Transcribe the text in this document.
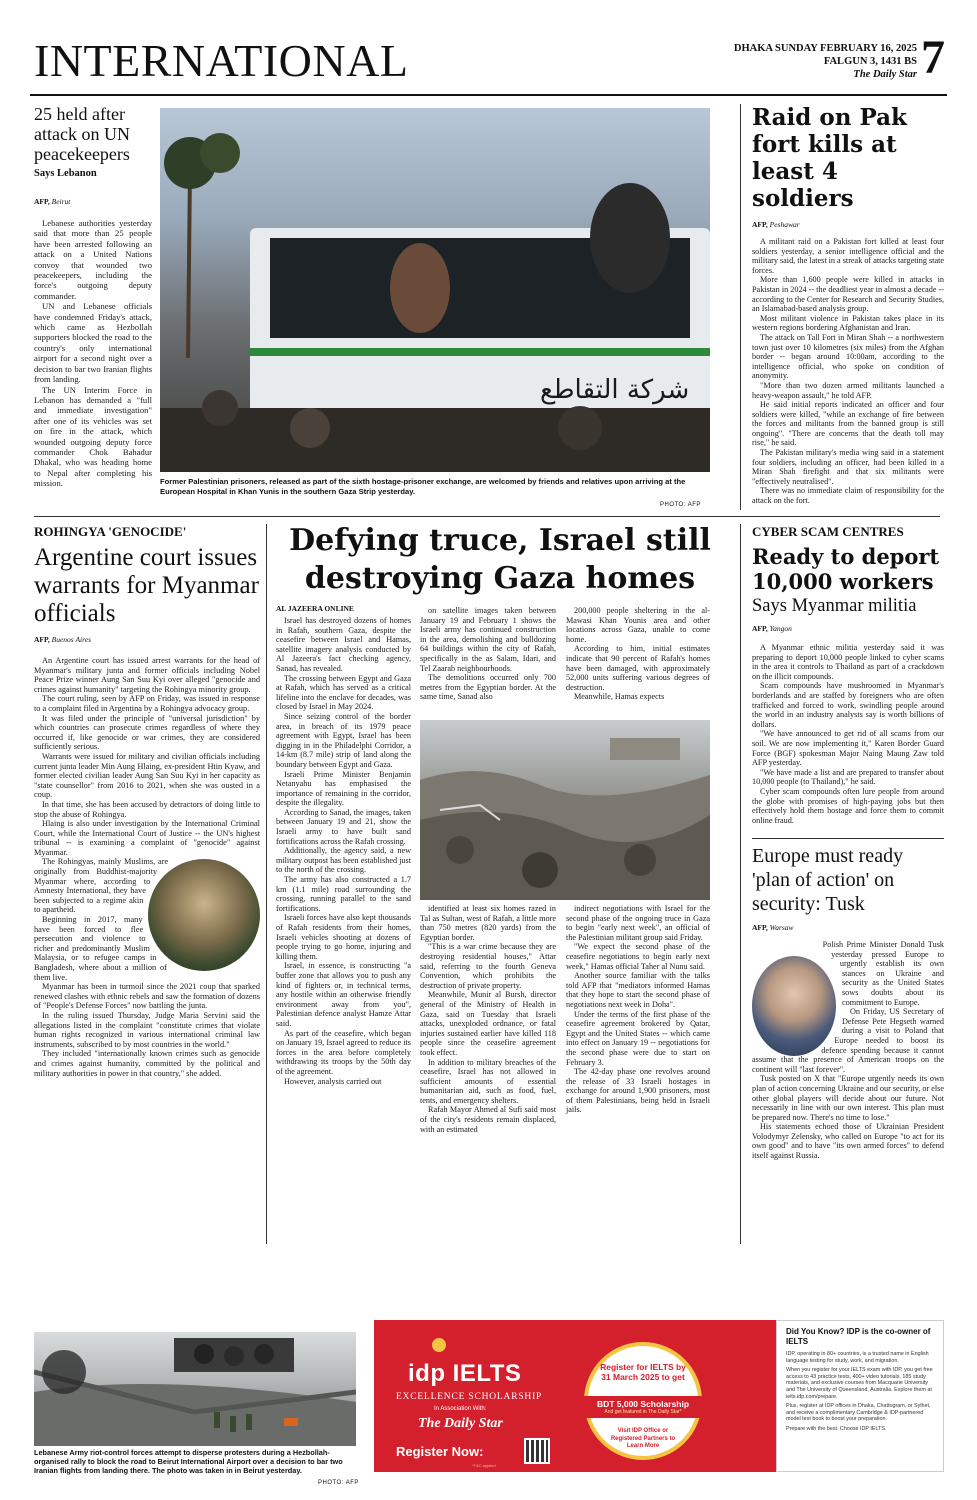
INTERNATIONAL	DHAKA SUNDAY FEBRUARY 16, 2025
FALGUN 3, 1431 BS
The Daily Star 7
25 held after attack on UN peacekeepers
Says Lebanon
AFP, Beirut

Lebanese authorities yesterday said that more than 25 people have been arrested following an attack on a United Nations convoy that wounded two peacekeepers, including the force's outgoing deputy commander.

UN and Lebanese officials have condemned Friday's attack, which came as Hezbollah supporters blocked the road to the country's only international airport for a second night over a decision to bar two Iranian flights from landing.

The UN Interim Force in Lebanon has demanded a "full and immediate investigation" after one of its vehicles was set on fire in the attack, which wounded outgoing deputy force commander Chok Bahadur Dhakal, who was heading home to Nepal after completing his mission.

شركة التقاطع
Former Palestinian prisoners, released as part of the sixth hostage-prisoner exchange, are welcomed by friends and relatives upon arriving at the European Hospital in Khan Yunis in the southern Gaza Strip yesterday.
PHOTO: AFP
Raid on Pak fort kills at least 4 soldiers
AFP, Peshawar

A militant raid on a Pakistan fort killed at least four soldiers yesterday, a senior intelligence official and the military said, the latest in a streak of attacks targeting state forces.

More than 1,600 people were killed in attacks in Pakistan in 2024 -- the deadliest year in almost a decade -- according to the Center for Research and Security Studies, an Islamabad-based analysis group.

Most militant violence in Pakistan takes place in its western regions bordering Afghanistan and Iran.

The attack on Tall Fort in Miran Shah -- a northwestern town just over 10 kilometres (six miles) from the Afghan border -- began around 10:00am, according to the intelligence official, who spoke on condition of anonymity.

"More than two dozen armed militants launched a heavy-weapon assault," he told AFP.

He said initial reports indicated an officer and four soldiers were killed, "while an exchange of fire between the forces and militants from the banned group is still ongoing". "There are concerns that the death toll may rise," he said.

The Pakistan military's media wing said in a statement four soldiers, including an officer, had been killed in a Miran Shah firefight and that six militants were "effectively neutralised".

There was no immediate claim of responsibility for the attack on the fort.

ROHINGYA 'GENOCIDE'
Argentine court issues warrants for Myanmar officials
AFP, Buenos Aires

An Argentine court has issued arrest warrants for the head of Myanmar's military junta and former officials including Nobel Peace Prize winner Aung San Suu Kyi over alleged "genocide and crimes against humanity" targeting the Rohingya minority group.

The court ruling, seen by AFP on Friday, was issued in response to a complaint filed in Argentina by a Rohingya advocacy group.

It was filed under the principle of "universal jurisdiction" by which countries can prosecute crimes regardless of where they occurred if, like genocide or war crimes, they are considered sufficiently serious.

Warrants were issued for military and civilian officials including current junta leader Min Aung Hlaing, ex-president Htin Kyaw, and former elected civilian leader Aung San Suu Kyi in her capacity as "state counsellor" from 2016 to 2021, when she was ousted in a coup.

In that time, she has been accused by detractors of doing little to stop the abuse of Rohingya.

Hlaing is also under investigation by the International Criminal Court, while the International Court of Justice -- the UN's highest tribunal -- is examining a complaint of "genocide" against Myanmar.

The Rohingyas, mainly Muslims, are originally from Buddhist-majority Myanmar where, according to Amnesty International, they have been subjected to a regime akin to apartheid.

Beginning in 2017, many have been forced to flee persecution and violence to richer and predominantly Muslim Malaysia, or to refugee camps in Bangladesh, where about a million of them live.

Myanmar has been in turmoil since the 2021 coup that sparked renewed clashes with ethnic rebels and saw the formation of dozens of "People's Defense Forces" now battling the junta.

In the ruling issued Thursday, Judge Maria Servini said the allegations listed in the complaint "constitute crimes that violate human rights recognized in various international criminal law instruments, subscribed to by most countries in the world."

They included "internationally known crimes such as genocide and crimes against humanity, committed by the political and military authorities in power in that country," she added.

Defying truce, Israel still destroying Gaza homes
AL JAZEERA ONLINE

Israel has destroyed dozens of homes in Rafah, southern Gaza, despite the ceasefire between Israel and Hamas, satellite imagery analysis conducted by Al Jazeera's fact checking agency, Sanad, has revealed.

The crossing between Egypt and Gaza at Rafah, which has served as a critical lifeline into the enclave for decades, was closed by Israel in May 2024.

Since seizing control of the border area, in breach of its 1979 peace agreement with Egypt, Israel has been digging in in the Philadelphi Corridor, a 14-km (8.7 mile) strip of land along the boundary between Egypt and Gaza.

Israeli Prime Minister Benjamin Netanyahu has emphasised the importance of remaining in the corridor, despite the illegality.

According to Sanad, the images, taken between January 19 and 21, show the Israeli army to have built sand fortifications across the Rafah crossing.

Additionally, the agency said, a new military outpost has been established just to the north of the crossing.

The army has also constructed a 1.7 km (1.1 mile) road surrounding the crossing, running parallel to the sand fortifications.

Israeli forces have also kept thousands of Rafah residents from their homes, Israeli vehicles shooting at dozens of people trying to go home, injuring and killing them.

Israel, in essence, is constructing "a buffer zone that allows you to push any kind of fighters or, in technical terms, any hostile within an otherwise friendly environment away from you", Palestinian defence analyst Hamze Attar said.

As part of the ceasefire, which began on January 19, Israel agreed to reduce its forces in the area before completely withdrawing its troops by the 50th day of the agreement.

However, analysis carried out

on satellite images taken between January 19 and February 1 shows the Israeli army has continued construction in the area, demolishing and bulldozing 64 buildings within the city of Rafah, specifically in the as Salam, Idari, and Tel Zaarab neighbourhoods.

The demolitions occurred only 700 metres from the Egyptian border. At the same time, Sanad also

200,000 people sheltering in the al-Mawasi Khan Younis area and other locations across Gaza, unable to come home.

According to him, initial estimates indicate that 90 percent of Rafah's homes have been damaged, with approximately 52,000 units suffering various degrees of destruction.

Meanwhile, Hamas expects

identified at least six homes razed in Tal as Sultan, west of Rafah, a little more than 750 metres (820 yards) from the Egyptian border.

"This is a war crime because they are destroying residential houses," Attar said, referring to the fourth Geneva Convention, which prohibits the destruction of private property.

Meanwhile, Munir al Bursh, director general of the Ministry of Health in Gaza, said on Tuesday that Israeli attacks, unexploded ordnance, or fatal injuries sustained earlier have killed 118 people since the ceasefire agreement took effect.

In addition to military breaches of the ceasefire, Israel has not allowed in sufficient amounts of essential humanitarian aid, such as food, fuel, tents, and emergency shelters.

Rafah Mayor Ahmed al Sufi said most of the city's residents remain displaced, with an estimated

indirect negotiations with Israel for the second phase of the ongoing truce in Gaza to begin "early next week", an official of the Palestinian militant group said Friday.

"We expect the second phase of the ceasefire negotiations to begin early next week," Hamas official Taher al Nunu said.

Another source familiar with the talks told AFP that "mediators informed Hamas that they hope to start the second phase of negotiations next week in Doha".

Under the terms of the first phase of the ceasefire agreement brokered by Qatar, Egypt and the United States -- which came into effect on January 19 -- negotiations for the second phase were due to start on February 3.

The 42-day phase one revolves around the release of 33 Israeli hostages in exchange for around 1,900 prisoners, most of them Palestinians, being held in Israeli jails.

CYBER SCAM CENTRES
Ready to deport 10,000 workers
Says Myanmar militia
AFP, Yangon

A Myanmar ethnic militia yesterday said it was preparing to deport 10,000 people linked to cyber scams in the area it controls to Thailand as part of a crackdown on the illicit compounds.

Scam compounds have mushroomed in Myanmar's borderlands and are staffed by foreigners who are often trafficked and forced to work, swindling people around the world in an industry analysts say is worth billions of dollars.

"We have announced to get rid of all scams from our soil. We are now implementing it," Karen Border Guard Force (BGF) spokesman Major Naing Maung Zaw told AFP yesterday.

"We have made a list and are prepared to transfer about 10,000 people (to Thailand)," he said.

Cyber scam compounds often lure people from around the globe with promises of high-paying jobs but then effectively hold them hostage and force them to commit online fraud.

Europe must ready 'plan of action' on security: Tusk
AFP, Warsaw

Polish Prime Minister Donald Tusk yesterday pressed Europe to urgently establish its own stances on Ukraine and security as the United States sows doubts about its commitment to Europe.

On Friday, US Secretary of Defense Pete Hegseth warned during a visit to Poland that Europe needed to boost its defence spending because it cannot assume that the presence of American troops on the continent will "last forever".

Tusk posted on X that "Europe urgently needs its own plan of action concerning Ukraine and our security, or else other global players will decide about our future. Not necessarily in line with our own interest. This plan must be prepared now. There's no time to lose."

His statements echoed those of Ukrainian President Volodymyr Zelensky, who called on Europe "to act for its own good" and to have "its own armed forces" to defend itself against Russia.

Lebanese Army riot-control forces attempt to disperse protesters during a Hezbollah-organised rally to block the road to Beirut International Airport over a decision to bar two Iranian flights from landing there. The photo was taken in in Beirut yesterday.
PHOTO: AFP
idp IELTS
EXCELLENCE SCHOLARSHIP
In Association With:
The Daily Star
Register Now:
Register for IELTS by 31 March 2025 to get
BDT 5,000 Scholarship
And get featured in The Daily Star*
Visit IDP Office or Registered Partners to Learn More
*T&C applied
Did You Know? IDP is the co-owner of IELTS

IDP, operating in 80+ countries, is a trusted name in English language testing for study, work, and migration.

When you register for your IELTS exam with IDP, you get free access to 43 practice tests, 400+ video tutorials, 185 study materials, and exclusive courses from Macquarie University and The University of Queensland, Australia. Explore them at ielts.idp.com/prepare.

Plus, register at IDP offices in Dhaka, Chattogram, or Sylhet, and receive a complimentary Cambridge & IDP-partnered model test book to boost your preparation.

Prepare with the best. Choose IDP IELTS.
